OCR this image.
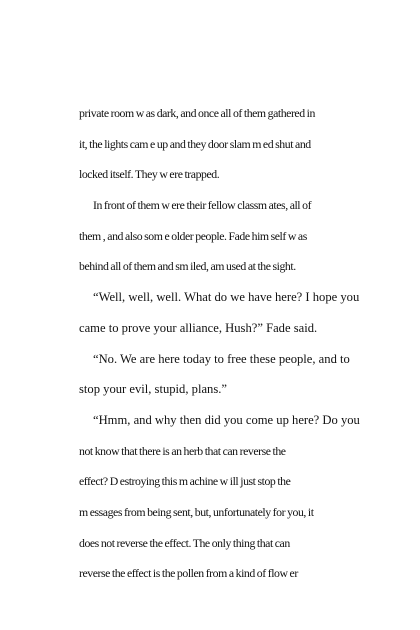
private room w as dark, and once all of them gathered in
it, the lights cam e up and they door slam m ed shut and
locked itself. They w ere trapped.
In front of them w ere their fellow classm ates, all of
them , and also som e older people. Fade him self w as
behind all of them and sm iled, am used at the sight.
“Well, well, well. What do we have here? I hope you
came to prove your alliance, Hush?” Fade said.
“No. We are here today to free these people, and to
stop your evil, stupid, plans.”
“Hmm, and why then did you come up here? Do you
not know that there is an herb that can reverse the
effect? D estroying this m achine w ill just stop the
m essages from being sent, but, unfortunately for you, it
does not reverse the effect. The only thing that can
reverse the effect is the pollen from a kind of flow er
